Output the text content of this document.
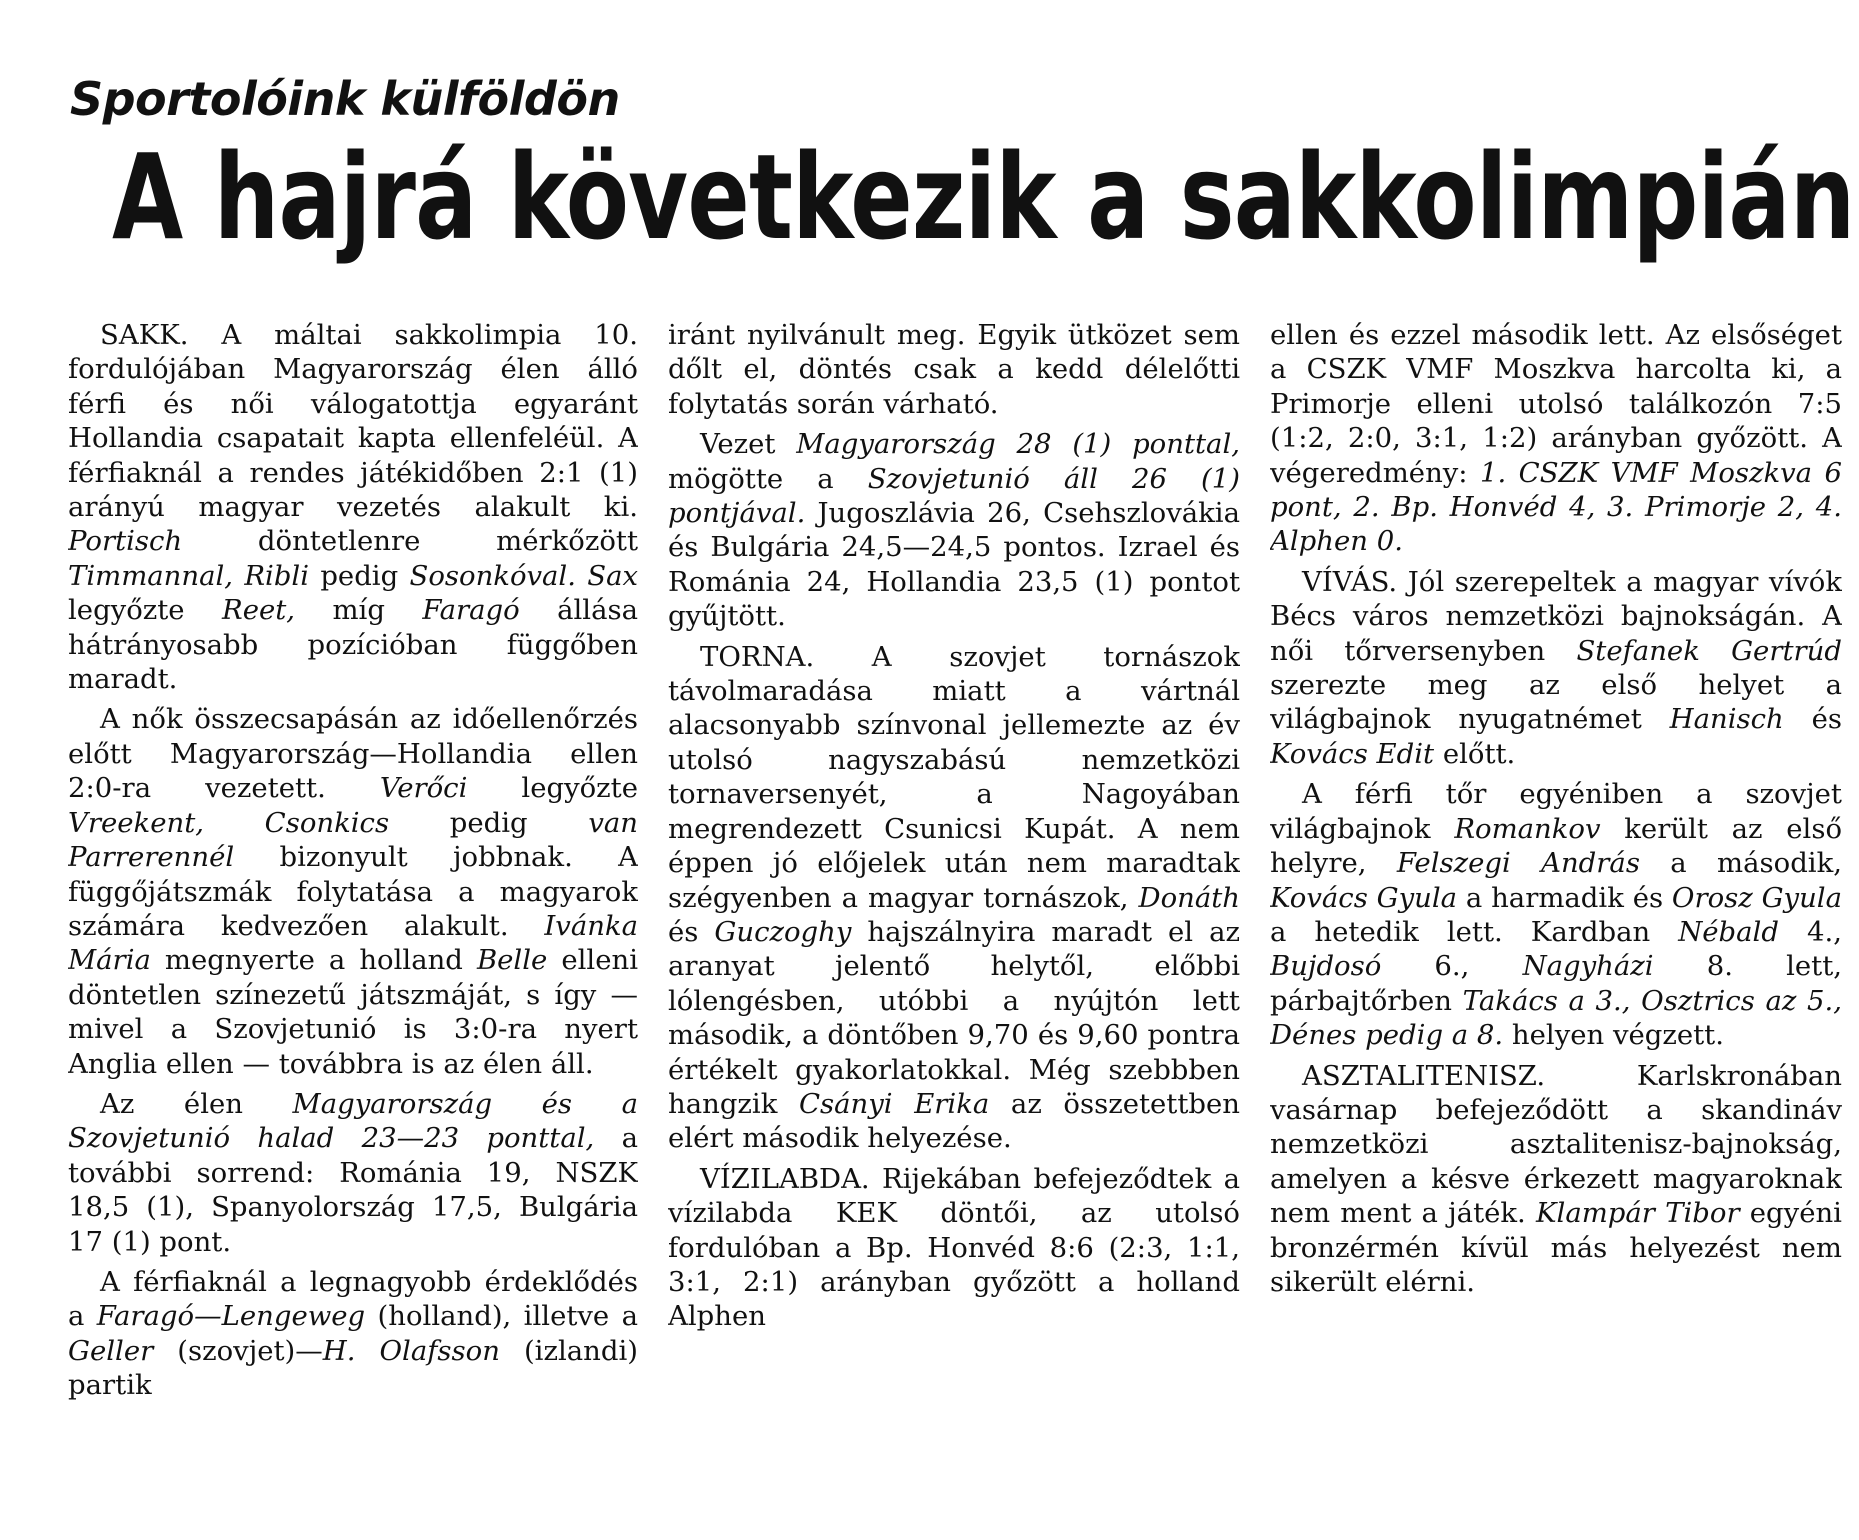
Sportolóink külföldön
A hajrá következik a sakkolimpián

SAKK. A máltai sakkolimpia 10. fordulójában Magyarország élen álló férfi és női válogatottja egyaránt Hollandia csapatait kapta ellenfeléül. A férfiaknál a rendes játékidőben 2:1 (1) arányú magyar vezetés alakult ki. Portisch döntetlenre mérkőzött Timmannal, Ribli pedig Sosonkóval. Sax legyőzte Reet, míg Faragó állása hátrányosabb pozícióban függőben maradt.

A nők összecsapásán az időellenőrzés előtt Magyarország—Hollandia ellen 2:0-ra vezetett. Verőci legyőzte Vreekent, Csonkics pedig van Parrerennél bizonyult jobbnak. A függőjátszmák folytatása a magyarok számára kedvezően alakult. Ivánka Mária megnyerte a holland Belle elleni döntetlen színezetű játszmáját, s így — mivel a Szovjetunió is 3:0-ra nyert Anglia ellen — továbbra is az élen áll.

Az élen Magyarország és a Szovjetunió halad 23—23 ponttal, a további sorrend: Románia 19, NSZK 18,5 (1), Spanyolország 17,5, Bulgária 17 (1) pont.

A férfiaknál a legnagyobb érdeklődés a Faragó—Lengeweg (holland), illetve a Geller (szovjet)—H. Olafsson (izlandi) partik

iránt nyilvánult meg. Egyik ütközet sem dőlt el, döntés csak a kedd délelőtti folytatás során várható.

Vezet Magyarország 28 (1) ponttal, mögötte a Szovjetunió áll 26 (1) pontjával. Jugoszlávia 26, Csehszlovákia és Bulgária 24,5—24,5 pontos. Izrael és Románia 24, Hollandia 23,5 (1) pontot gyűjtött.

TORNA. A szovjet tornászok távolmaradása miatt a vártnál alacsonyabb színvonal jellemezte az év utolsó nagyszabású nemzetközi tornaversenyét, a Nagoyában megrendezett Csunicsi Kupát. A nem éppen jó előjelek után nem maradtak szégyenben a magyar tornászok, Donáth és Guczoghy hajszálnyira maradt el az aranyat jelentő helytől, előbbi lólengésben, utóbbi a nyújtón lett második, a döntőben 9,70 és 9,60 pontra értékelt gyakorlatokkal. Még szebbben hangzik Csányi Erika az összetettben elért második helyezése.

VÍZILABDA. Rijekában befejeződtek a vízilabda KEK döntői, az utolsó fordulóban a Bp. Honvéd 8:6 (2:3, 1:1, 3:1, 2:1) arányban győzött a holland Alphen

ellen és ezzel második lett. Az elsőséget a CSZK VMF Moszkva harcolta ki, a Primorje elleni utolsó találkozón 7:5 (1:2, 2:0, 3:1, 1:2) arányban győzött. A végeredmény: 1. CSZK VMF Moszkva 6 pont, 2. Bp. Honvéd 4, 3. Primorje 2, 4. Alphen 0.

VÍVÁS. Jól szerepeltek a magyar vívók Bécs város nemzetközi bajnokságán. A női tőrversenyben Stefanek Gertrúd szerezte meg az első helyet a világbajnok nyugatnémet Hanisch és Kovács Edit előtt.

A férfi tőr egyéniben a szovjet világbajnok Romankov került az első helyre, Felszegi András a második, Kovács Gyula a harmadik és Orosz Gyula a hetedik lett. Kardban Nébald 4., Bujdosó 6., Nagyházi 8. lett, párbajtőrben Takács a 3., Osztrics az 5., Dénes pedig a 8. helyen végzett.

ASZTALITENISZ. Karlskronában vasárnap befejeződött a skandináv nemzetközi asztalitenisz-bajnokság, amelyen a késve érkezett magyaroknak nem ment a játék. Klampár Tibor egyéni bronzérmén kívül más helyezést nem sikerült elérni.
